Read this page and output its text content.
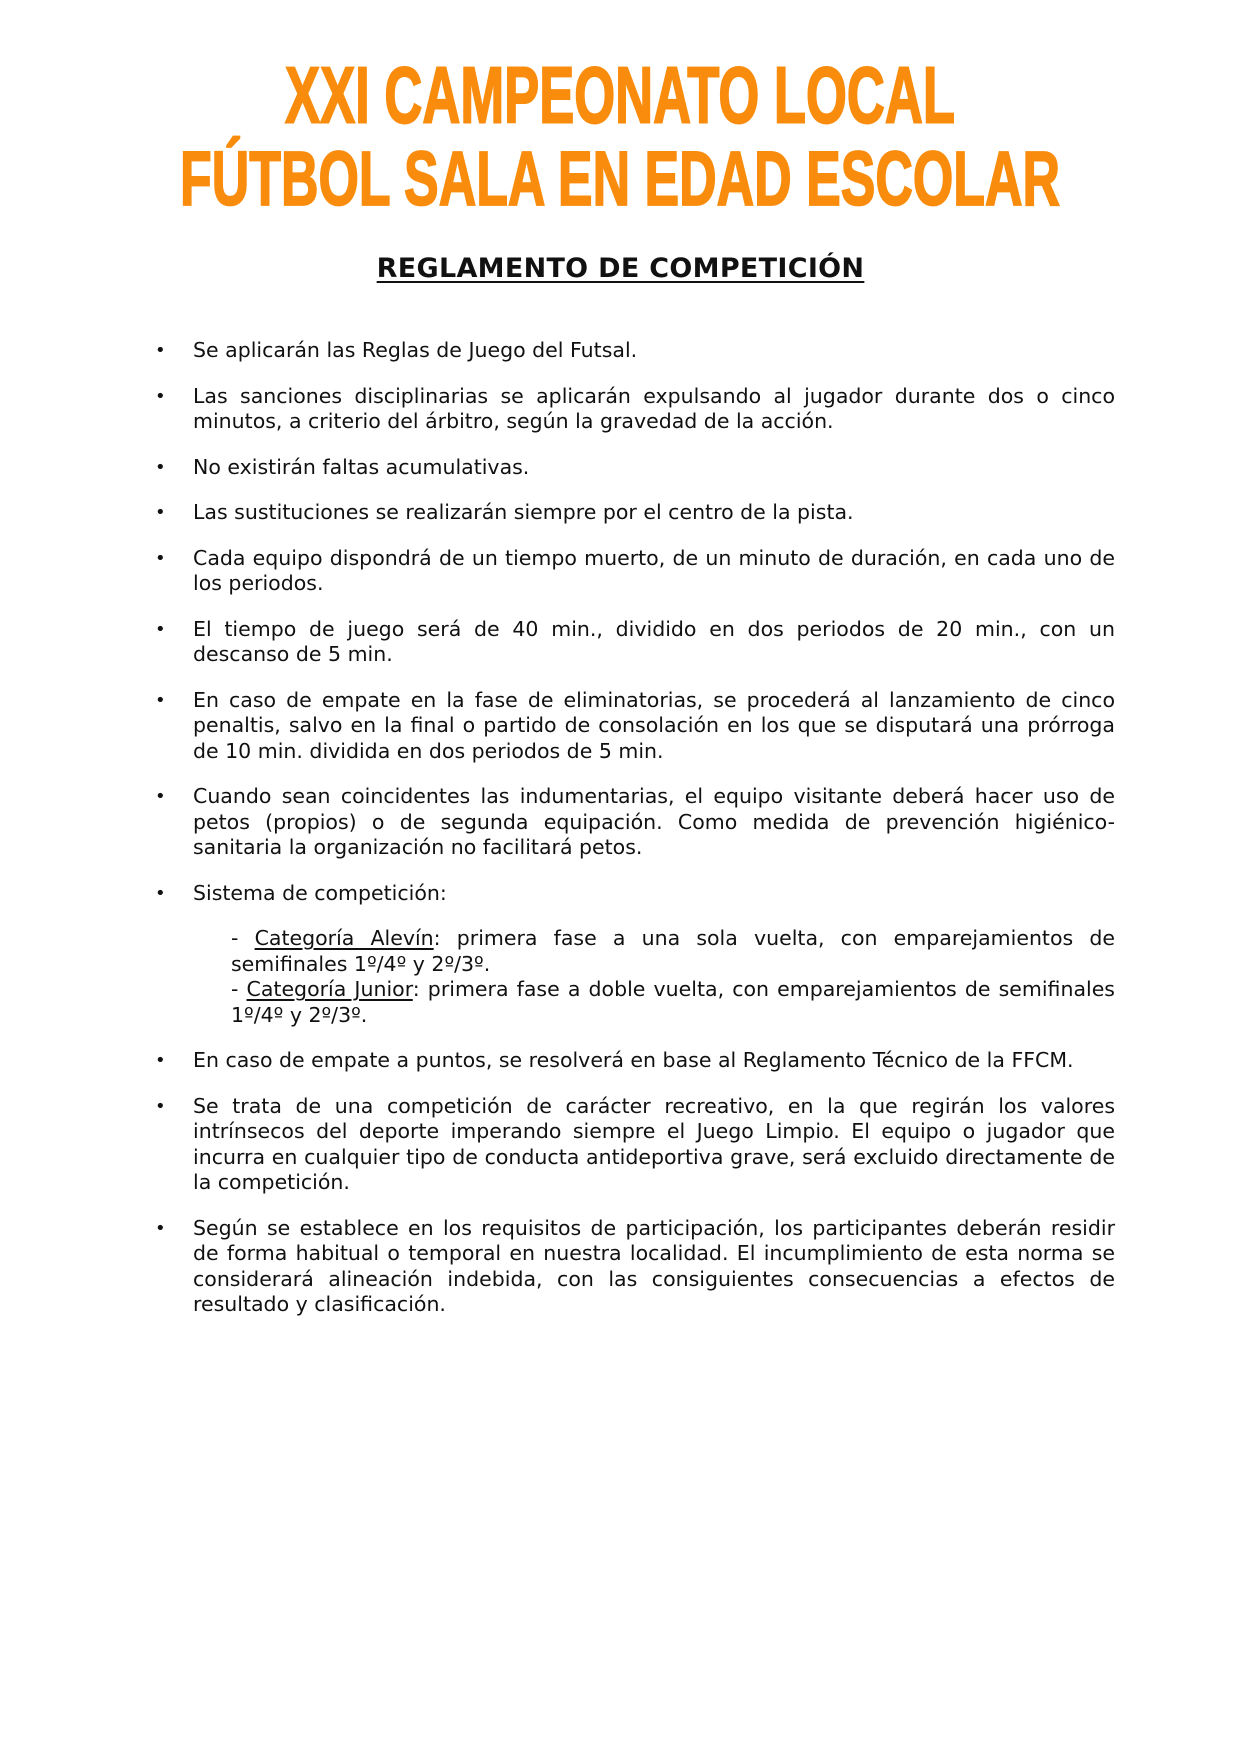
XXI CAMPEONATO LOCAL
FÚTBOL SALA EN EDAD ESCOLAR
REGLAMENTO DE COMPETICIÓN
• Se aplicarán las Reglas de Juego del Futsal.
• Las sanciones disciplinarias se aplicarán expulsando al jugador durante dos o cinco minutos, a criterio del árbitro, según la gravedad de la acción.
• No existirán faltas acumulativas.
• Las sustituciones se realizarán siempre por el centro de la pista.
• Cada equipo dispondrá de un tiempo muerto, de un minuto de duración, en cada uno de los periodos.
• El tiempo de juego será de 40 min., dividido en dos periodos de 20 min., con un descanso de 5 min.
• En caso de empate en la fase de eliminatorias, se procederá al lanzamiento de cinco penaltis, salvo en la final o partido de consolación en los que se disputará una prórroga de 10 min. dividida en dos periodos de 5 min.
• Cuando sean coincidentes las indumentarias, el equipo visitante deberá hacer uso de petos (propios) o de segunda equipación. Como medida de prevención higiénico-sanitaria la organización no facilitará petos.
• Sistema de competición:
- Categoría Alevín: primera fase a una sola vuelta, con emparejamientos de semifinales 1º/4º y 2º/3º.
- Categoría Junior: primera fase a doble vuelta, con emparejamientos de semifinales 1º/4º y 2º/3º.
• En caso de empate a puntos, se resolverá en base al Reglamento Técnico de la FFCM.
• Se trata de una competición de carácter recreativo, en la que regirán los valores intrínsecos del deporte imperando siempre el Juego Limpio. El equipo o jugador que incurra en cualquier tipo de conducta antideportiva grave, será excluido directamente de la competición.
• Según se establece en los requisitos de participación, los participantes deberán residir de forma habitual o temporal en nuestra localidad. El incumplimiento de esta norma se considerará alineación indebida, con las consiguientes consecuencias a efectos de resultado y clasificación.
